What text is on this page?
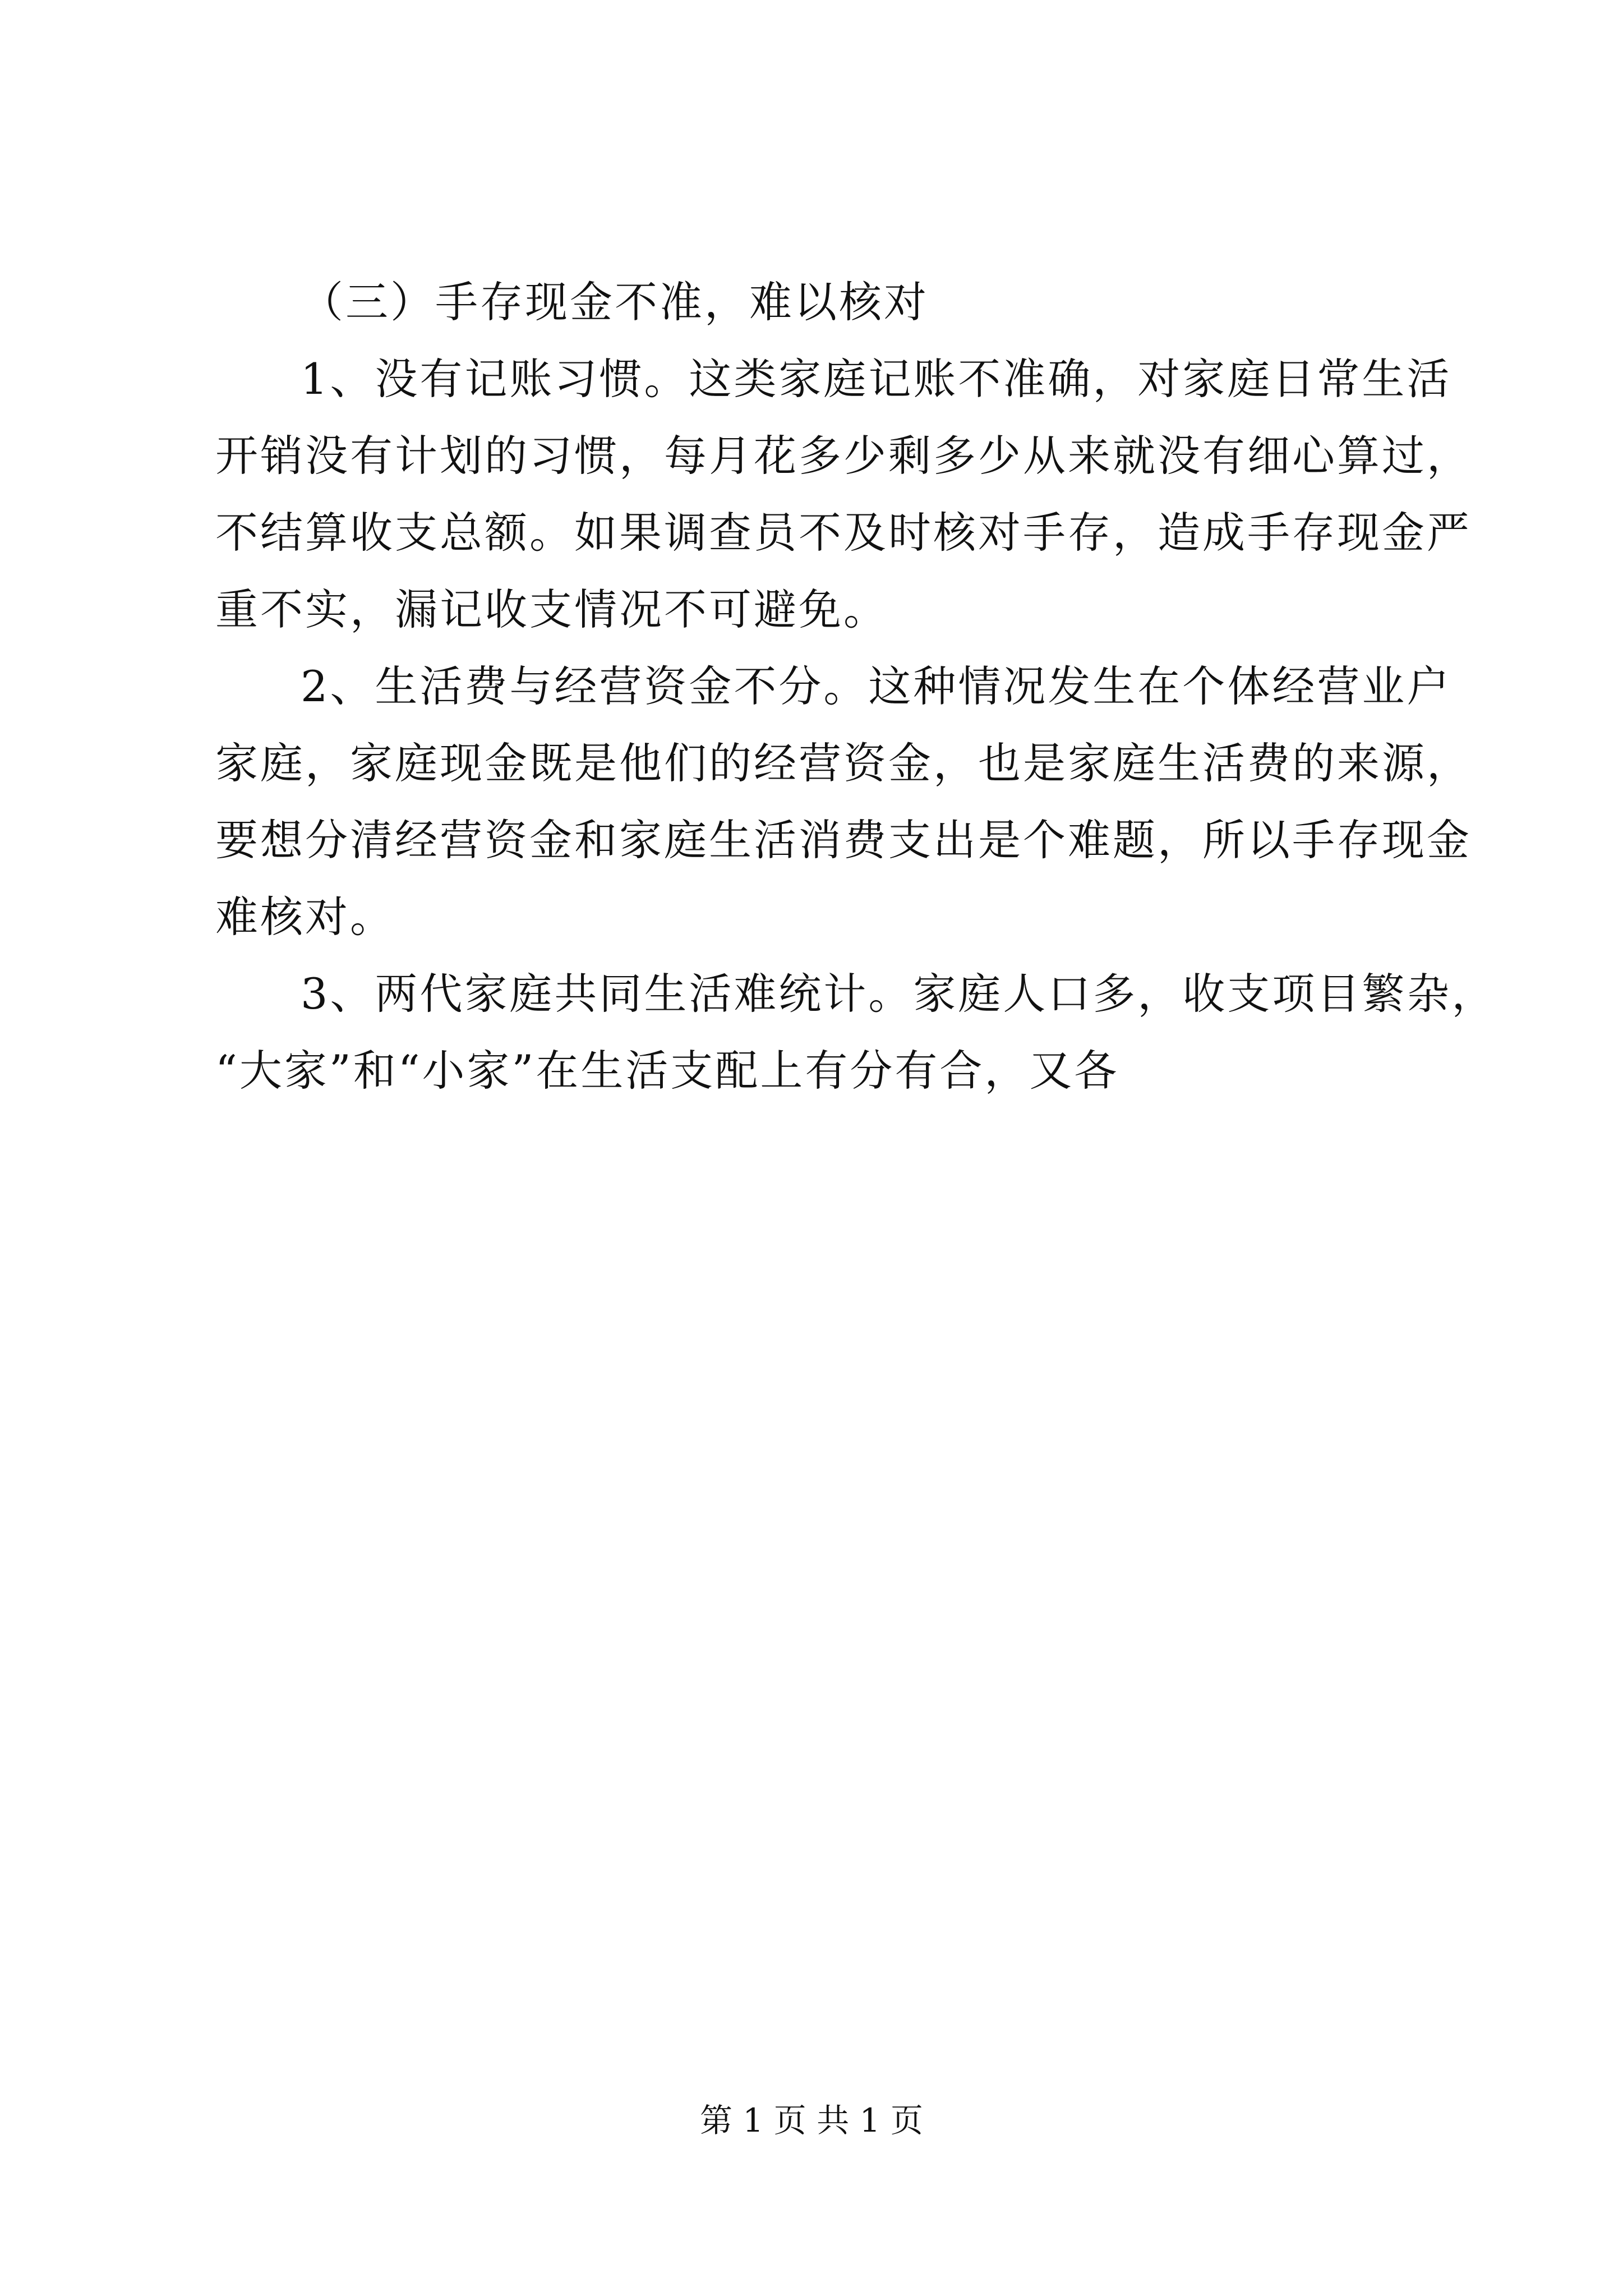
（三）手存现金不准，难以核对

1、没有记账习惯。这类家庭记账不准确，对家庭日常生活
开销没有计划的习惯，每月花多少剩多少从来就没有细心算过，
不结算收支总额。如果调查员不及时核对手存，造成手存现金严
重不实，漏记收支情况不可避免。

2、生活费与经营资金不分。这种情况发生在个体经营业户
家庭，家庭现金既是他们的经营资金，也是家庭生活费的来源，
要想分清经营资金和家庭生活消费支出是个难题，所以手存现金
难核对。

3、两代家庭共同生活难统计。家庭人口多，收支项目繁杂，
“大家”和“小家”在生活支配上有分有合，又各

第 1 页 共 1 页
